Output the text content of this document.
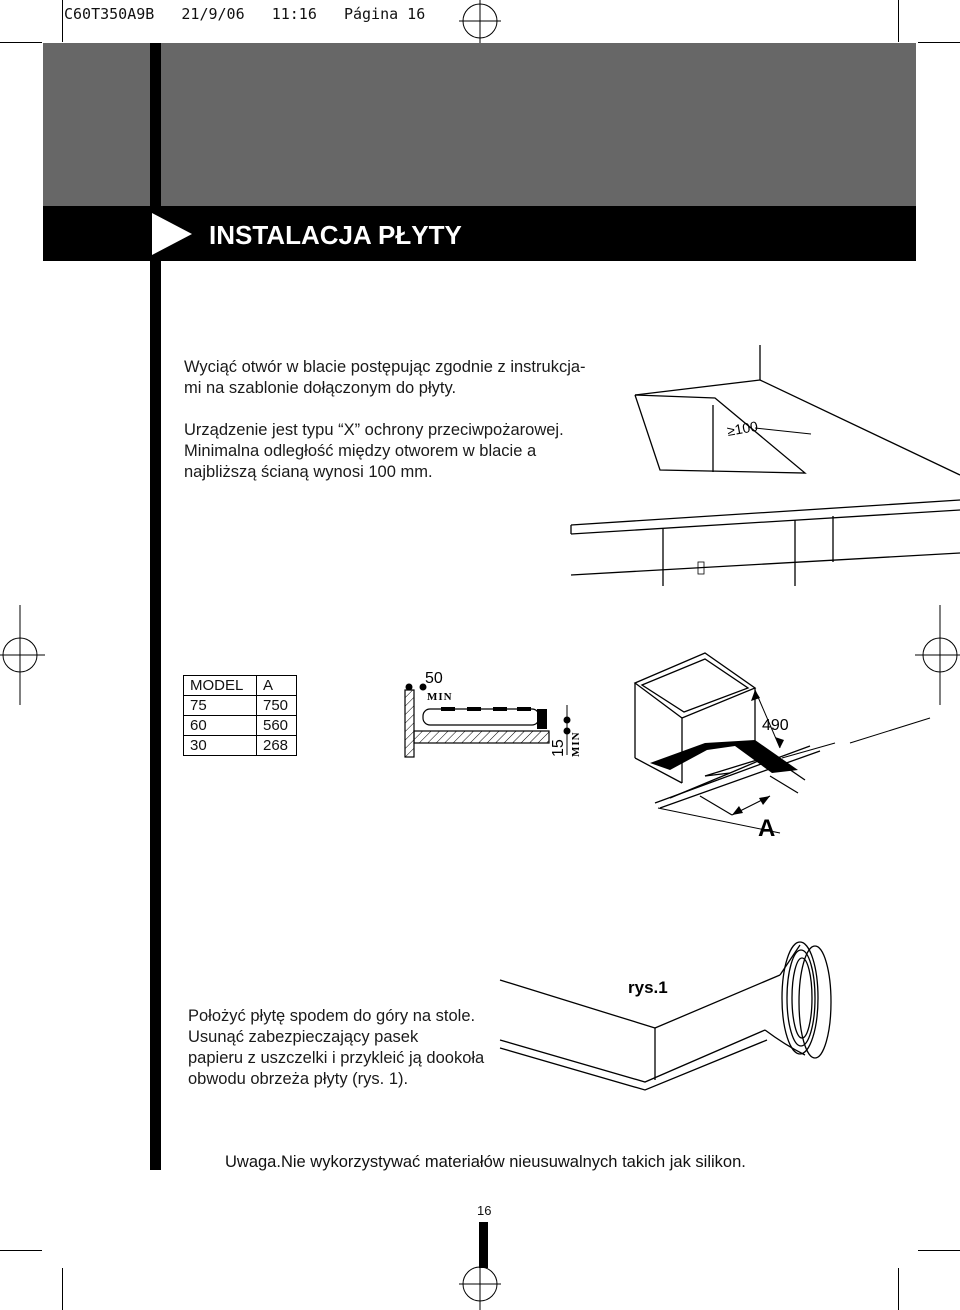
C60T350A9B   21/9/06   11:16   Página 16
INSTALACJA PŁYTY
Wyciąć otwór w blacie postępując zgodnie z instrukcja-
mi na szablonie dołączonym do płyty.
Urządzenie jest typu “X” ochrony przeciwpożarowej.
Minimalna odległość między otworem w blacie a
najbliższą ścianą wynosi 100 mm.
≥100
MODEL	A
75	750
60	560
30	268
50
MIN
15 MIN
490
A
Położyć płytę spodem do góry na stole.
Usunąć zabezpieczający pasek
papieru z uszczelki i przykleić ją dookoła
obwodu obrzeża płyty (rys. 1).
rys.1
Uwaga.Nie wykorzystywać materiałów nieusuwalnych takich jak silikon.
16
